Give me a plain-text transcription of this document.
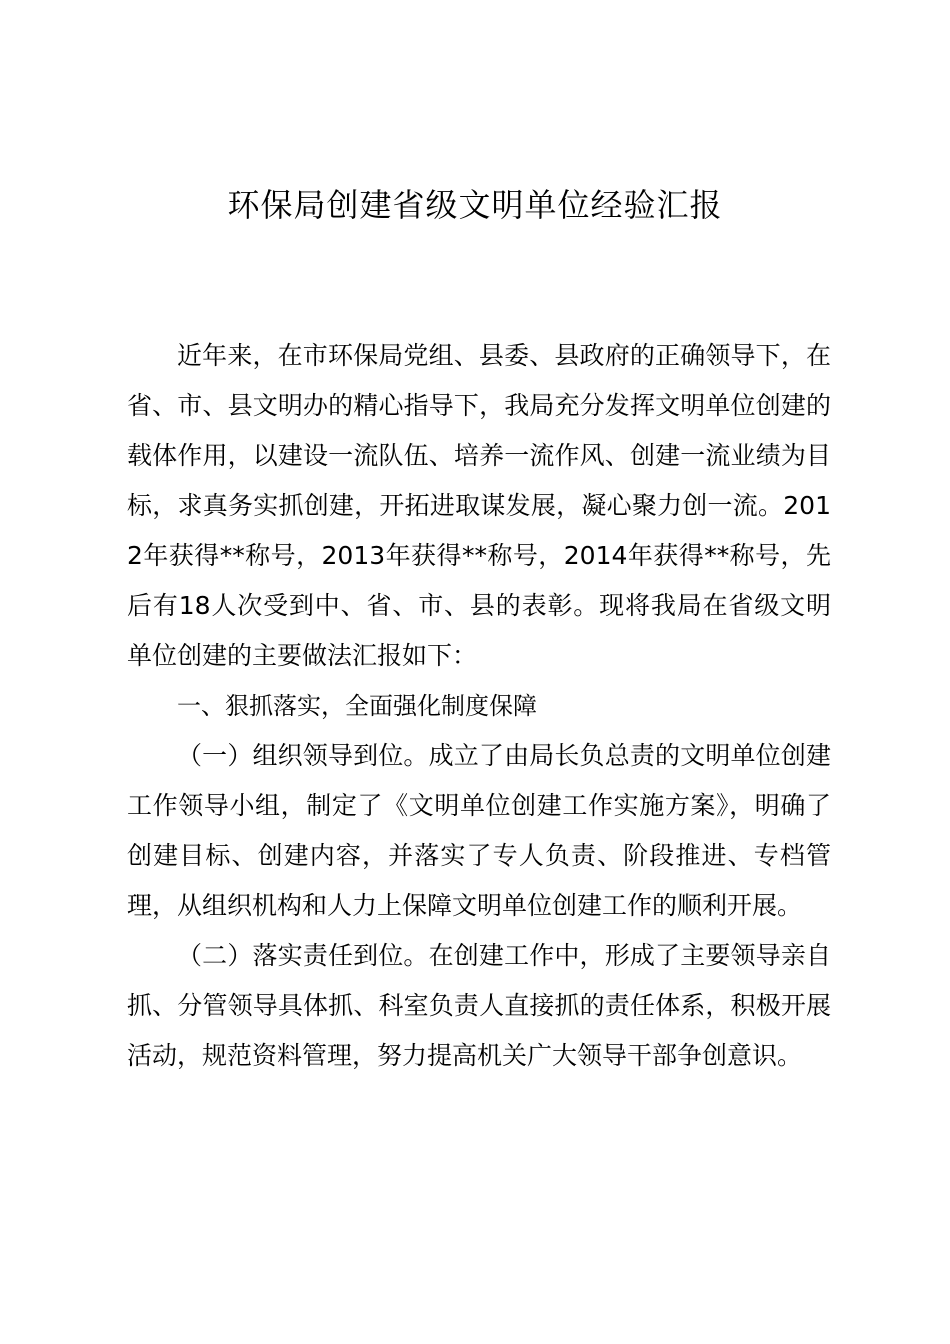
环保局创建省级文明单位经验汇报

近年来，在市环保局党组、县委、县政府的正确领导下，在省、市、县文明办的精心指导下，我局充分发挥文明单位创建的载体作用，以建设一流队伍、培养一流作风、创建一流业绩为目标，求真务实抓创建，开拓进取谋发展，凝心聚力创一流。2012年获得**称号，2013年获得**称号，2014年获得**称号，先后有18人次受到中、省、市、县的表彰。现将我局在省级文明单位创建的主要做法汇报如下：

一、狠抓落实，全面强化制度保障

（一）组织领导到位。成立了由局长负总责的文明单位创建工作领导小组，制定了《文明单位创建工作实施方案》，明确了创建目标、创建内容，并落实了专人负责、阶段推进、专档管理，从组织机构和人力上保障文明单位创建工作的顺利开展。

（二）落实责任到位。在创建工作中，形成了主要领导亲自抓、分管领导具体抓、科室负责人直接抓的责任体系，积极开展活动，规范资料管理，努力提高机关广大领导干部争创意识。
